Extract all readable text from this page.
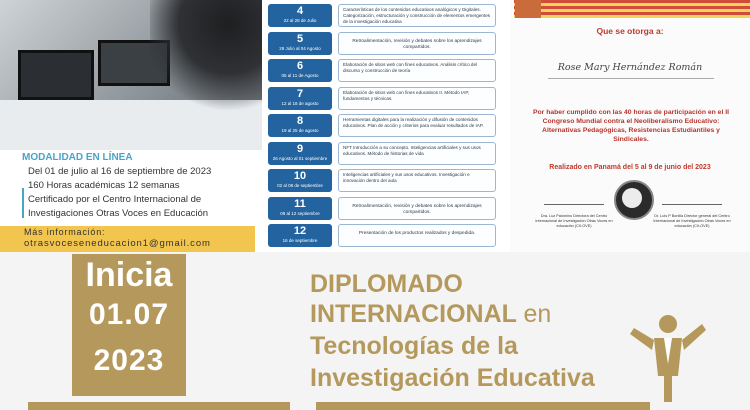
MODALIDAD EN LÍNEA
Del 01 de julio al 16 de septiembre de 2023
160 Horas académicas 12 semanas
Certificado por el Centro Internacional de
Investigaciones Otras Voces en Educación
Más información:
otrasvoceseneducacion1@gmail.com
4
22 al 28 de Julio
Características de los contenidos educativos analógicos y Digitales. Categorización, estructuración y construcción de elementos emergentes de la investigación educativa
5
29 Julio al 04 Agosto
Retroalimentación, revisión y debates sobre los aprendizajes compartidos.
6
05 al 11 de Agosto
Elaboración de sitios web con fines educativos. Análisis crítico del discurso y construcción de teoría
7
12 al 18 de agosto
Elaboración de sitios web con fines educativos II. Método IAP, fundamentos y técnicas.
8
19 al 25 de agosto
Herramientas digitales para la realización y difusión de contenidos educativos. Plan de acción y criterios para evaluar resultados de IAP.
9
26 Agosto al 01 septiembre
NFT Introducción a su concepto. Inteligencias artificiales y sus usos educativos. Método de historias de vida
10
02 al 08 de septiembre
Inteligencias artificiales y sus usos educativos. Investigación e innovación dentro del aula
11
09 al 12 septiembre
Retroalimentación, revisión y debates sobre los aprendizajes compartidos.
12
16 de septiembre
Presentación de los productos realizados y despedida.
Que se otorga a:
Rose Mary Hernández Román
Por haber cumplido con las 40 horas de participación en el II Congreso Mundial contra el Neoliberalismo Educativo: Alternativas Pedagógicas, Resistencias Estudiantiles y Sindicales.
Realizado en Panamá del 5 al 9 de junio del 2023
Dra. Luz Palomino Directora del Centro Internacional de Investigación Otras Voces en educación (CII-OVE)
Dr. Luis P Bonilla Director general del Centro Internacional de Investigación Otras Voces en educación (CII-OVE)
Inicia
01.07
2023
DIPLOMADO
INTERNACIONAL en
Tecnologías de la
Investigación Educativa
